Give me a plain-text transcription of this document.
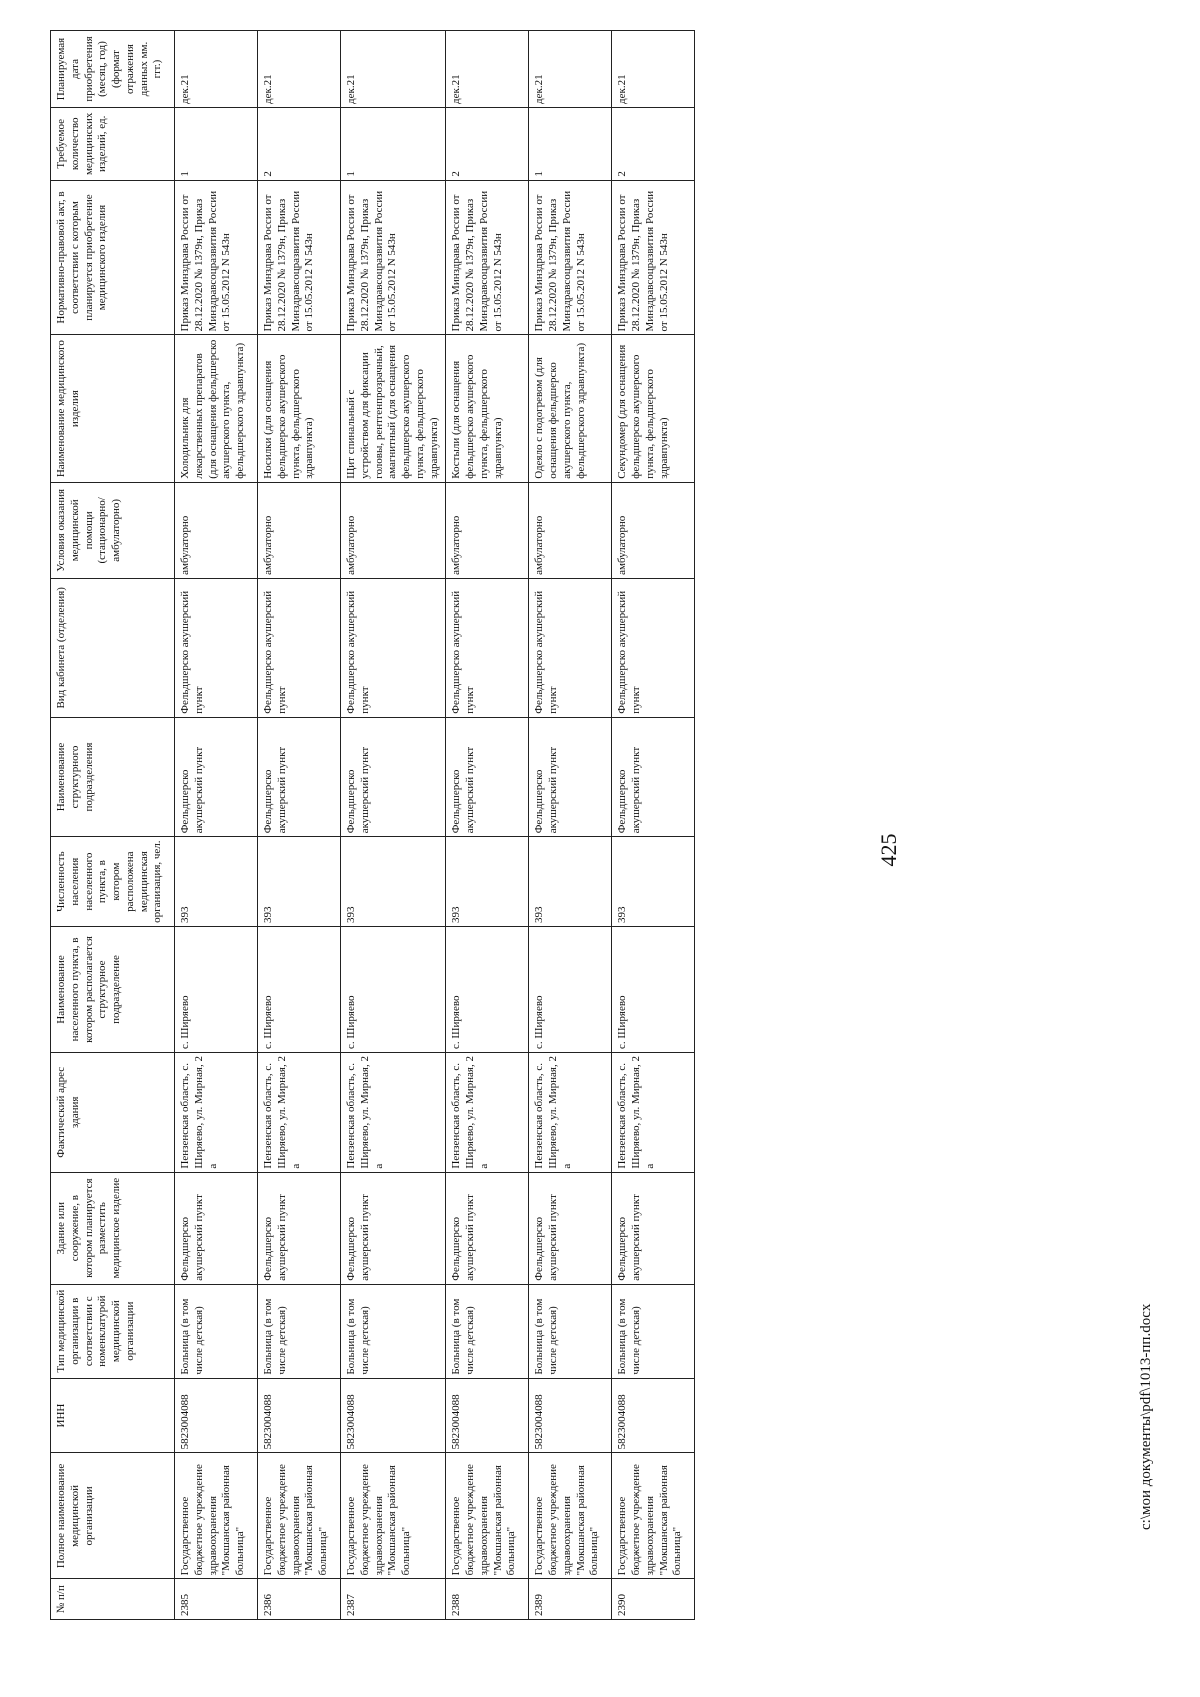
№ п/п	Полное наименование медицинской организации	ИНН	Тип медицинской организации в соответствии с номенклатурой медицинской организации	Здание или сооружение, в котором планируется разместить медицинское изделие	Фактический адрес здания	Наименование населенного пункта, в котором располагается структурное подразделение	Численность населения населенного пункта, в котором расположена медицинская организация, чел.	Наименование структурного подразделения	Вид кабинета (отделения)	Условия оказания медицинской помощи (стационарно/ амбулаторно)	Наименование медицинского изделия	Нормативно-правовой акт, в соответствии с которым планируется приобретение медицинского изделия	Требуемое количество медицинских изделий, ед.	Планируемая дата приобретения (месяц, год) (формат отражения данных мм. ггг.)
2385	Государственное бюджетное учреждение здравоохранения "Мокшанская районная больница"	5823004088	Больница (в том числе детская)	Фельдшерско акушерский пункт	Пензенская область, с. Ширяево, ул. Мирная, 2 а	с. Ширяево	393	Фельдшерско акушерский пункт	Фельдшерско акушерский пункт	амбулаторно	Холодильник для лекарственных препаратов (для оснащения фельдшерско акушерского пункта, фельдшерского здравпункта)	Приказ Минздрава России от 28.12.2020 № 1379н, Приказ Минздравсоцразвития России от 15.05.2012 N 543н	1	дек.21
2386	Государственное бюджетное учреждение здравоохранения "Мокшанская районная больница"	5823004088	Больница (в том числе детская)	Фельдшерско акушерский пункт	Пензенская область, с. Ширяево, ул. Мирная, 2 а	с. Ширяево	393	Фельдшерско акушерский пункт	Фельдшерско акушерский пункт	амбулаторно	Носилки (для оснащения фельдшерско акушерского пункта, фельдшерского здравпункта)	Приказ Минздрава России от 28.12.2020 № 1379н, Приказ Минздравсоцразвития России от 15.05.2012 N 543н	2	дек.21
2387	Государственное бюджетное учреждение здравоохранения "Мокшанская районная больница"	5823004088	Больница (в том числе детская)	Фельдшерско акушерский пункт	Пензенская область, с. Ширяево, ул. Мирная, 2 а	с. Ширяево	393	Фельдшерско акушерский пункт	Фельдшерско акушерский пункт	амбулаторно	Щит спинальный с устройством для фиксации головы, рентгенпрозрачный, амагнитный (для оснащения фельдшерско акушерского пункта, фельдшерского здравпункта)	Приказ Минздрава России от 28.12.2020 № 1379н, Приказ Минздравсоцразвития России от 15.05.2012 N 543н	1	дек.21
2388	Государственное бюджетное учреждение здравоохранения "Мокшанская районная больница"	5823004088	Больница (в том числе детская)	Фельдшерско акушерский пункт	Пензенская область, с. Ширяево, ул. Мирная, 2 а	с. Ширяево	393	Фельдшерско акушерский пункт	Фельдшерско акушерский пункт	амбулаторно	Костыли (для оснащения фельдшерско акушерского пункта, фельдшерского здравпункта)	Приказ Минздрава России от 28.12.2020 № 1379н, Приказ Минздравсоцразвития России от 15.05.2012 N 543н	2	дек.21
2389	Государственное бюджетное учреждение здравоохранения "Мокшанская районная больница"	5823004088	Больница (в том числе детская)	Фельдшерско акушерский пункт	Пензенская область, с. Ширяево, ул. Мирная, 2 а	с. Ширяево	393	Фельдшерско акушерский пункт	Фельдшерско акушерский пункт	амбулаторно	Одеяло с подогревом (для оснащения фельдшерско акушерского пункта, фельдшерского здравпункта)	Приказ Минздрава России от 28.12.2020 № 1379н, Приказ Минздравсоцразвития России от 15.05.2012 N 543н	1	дек.21
2390	Государственное бюджетное учреждение здравоохранения "Мокшанская районная больница"	5823004088	Больница (в том числе детская)	Фельдшерско акушерский пункт	Пензенская область, с. Ширяево, ул. Мирная, 2 а	с. Ширяево	393	Фельдшерско акушерский пункт	Фельдшерско акушерский пункт	амбулаторно	Секундомер (для оснащения фельдшерско акушерского пункта, фельдшерского здравпункта)	Приказ Минздрава России от 28.12.2020 № 1379н, Приказ Минздравсоцразвития России от 15.05.2012 N 543н	2	дек.21
425
c:\мои документы\pdf\1013-пп.docx
